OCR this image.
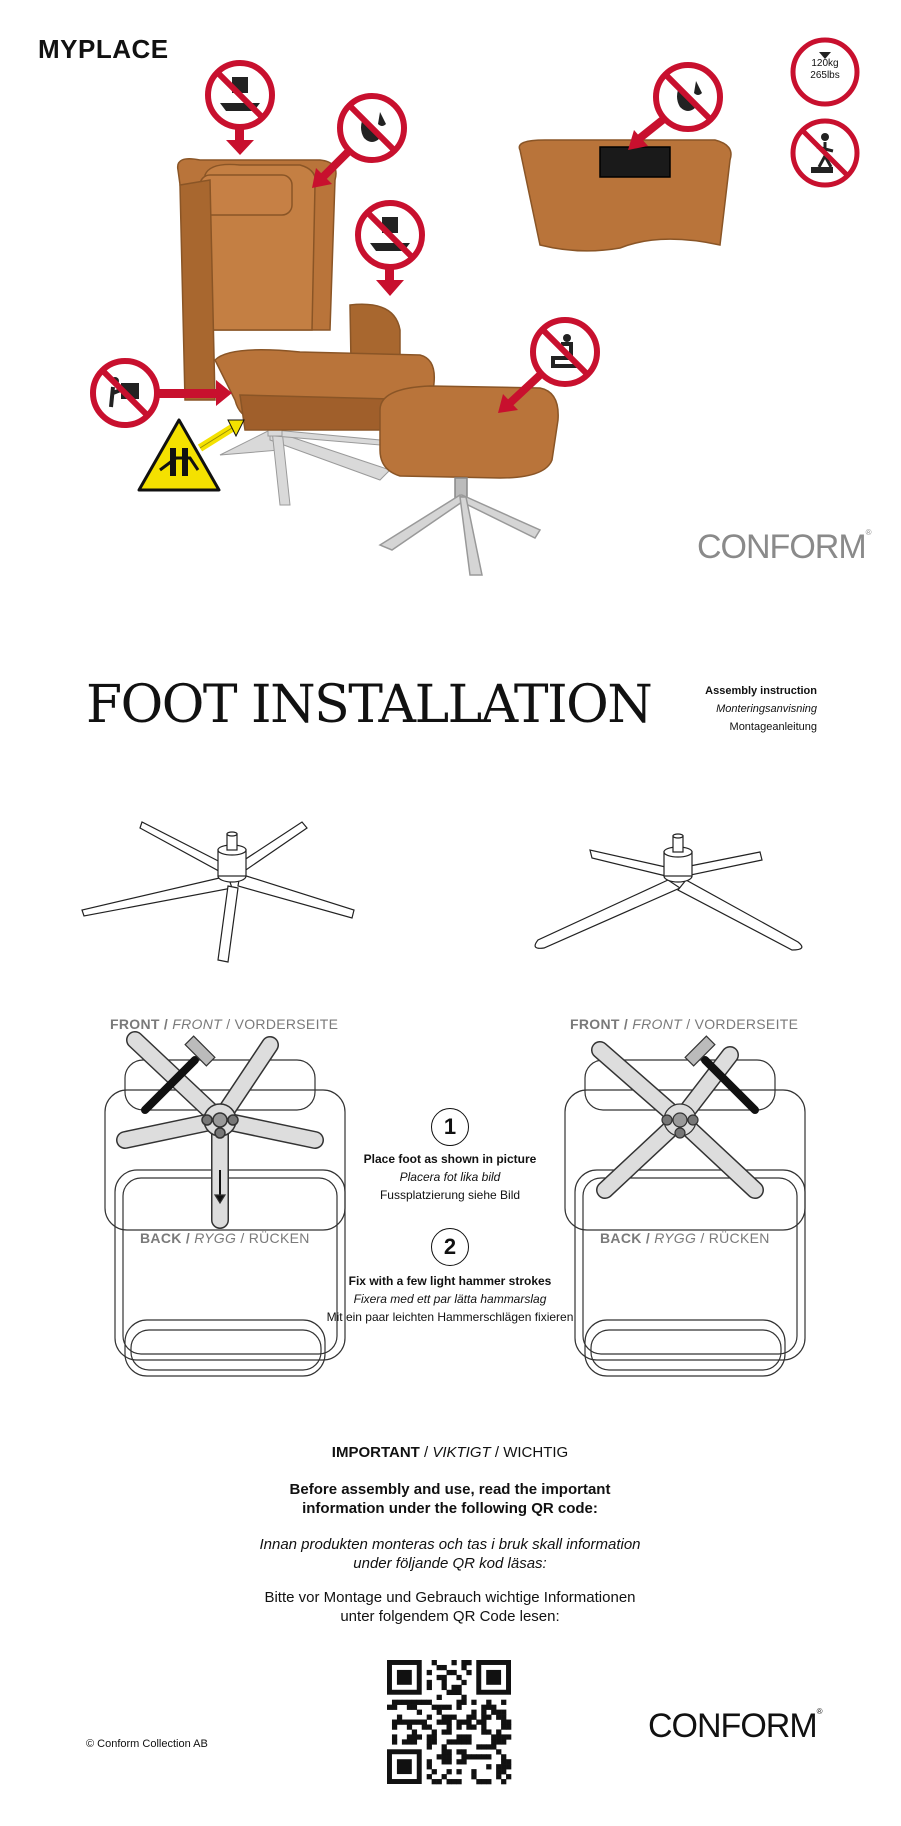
MYPLACE	120kg
265lbs
CONFORM®
FOOT INSTALLATION	Assembly instruction
Monteringsanvisning
Montageanleitung
FRONT / FRONT / VORDERSEITE	FRONT / FRONT / VORDERSEITE
BACK / RYGG / RÜCKEN	BACK / RYGG / RÜCKEN
1
Place foot as shown in picture
Placera fot lika bild
Fussplatzierung siehe Bild
2
Fix with a few light hammer strokes
Fixera med ett par lätta hammarslag
Mit ein paar leichten Hammerschlägen fixieren
IMPORTANT / VIKTIGT / WICHTIG
Before assembly and use, read the important information under the following QR code:
Innan produkten monteras och tas i bruk skall information under följande QR kod läsas:
Bitte vor Montage und Gebrauch wichtige Informationen unter folgendem QR Code lesen:
© Conform Collection AB	CONFORM®
